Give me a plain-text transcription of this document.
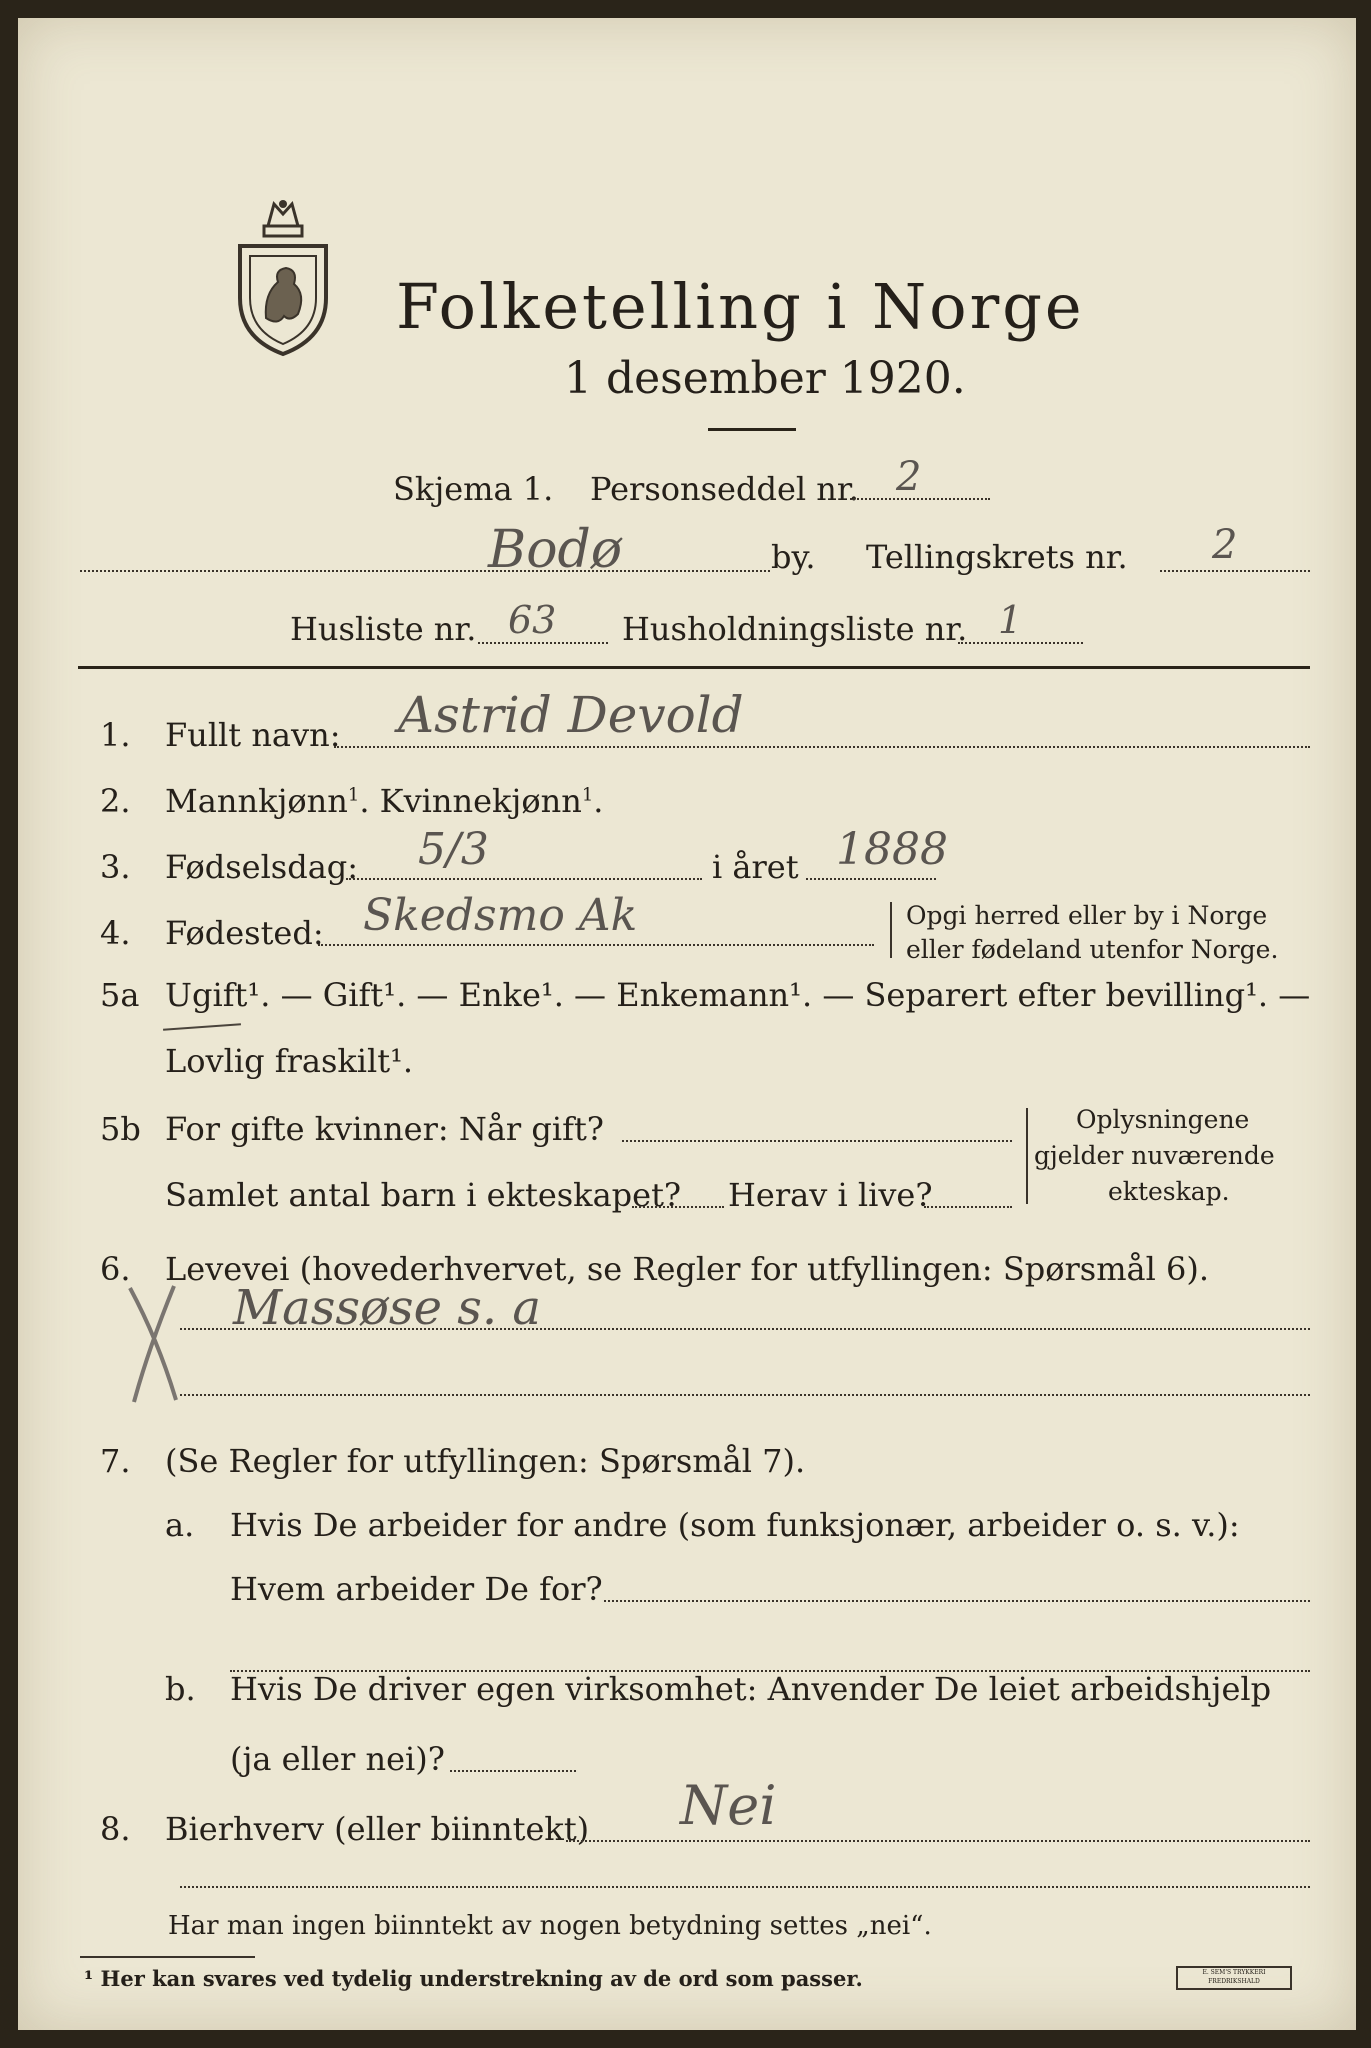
Folketelling i Norge
1 desember 1920.
Skjema 1. Personseddel nr. 2
Bodø	by. Tellingskrets nr. 2
Husliste nr. 63 Husholdningsliste nr. 1
1. Fullt navn: Astrid Devold
2. Mannkjønn$^1$. Kvinnekjønn$^1$.
3. Fødselsdag: 5/3	i året 1888
4. Fødested: Skedsmo Ak	Opgi herred eller by i Norge
eller fødeland utenfor Norge.
5a Ugift¹. — Gift¹. — Enke¹. — Enkemann¹. — Separert efter bevilling¹. —
Lovlig fraskilt¹.
5b For gifte kvinner: Når gift?
Samlet antal barn i ekteskapet? Herav i live?
Oplysningene
gjelder nuværende
ekteskap.
6. Levevei (hovederhvervet, se Regler for utfyllingen: Spørsmål 6).
Massøse s. a
7. (Se Regler for utfyllingen: Spørsmål 7).
a. Hvis De arbeider for andre (som funksjonær, arbeider o. s. v.):
Hvem arbeider De for?
b. Hvis De driver egen virksomhet: Anvender De leiet arbeidshjelp
(ja eller nei)?
8. Bierhverv (eller biinntekt) Nei
Har man ingen biinntekt av nogen betydning settes „nei“.
¹ Her kan svares ved tydelig understrekning av de ord som passer.	E. SEM'S TRYKKERI FREDRIKSHALD
